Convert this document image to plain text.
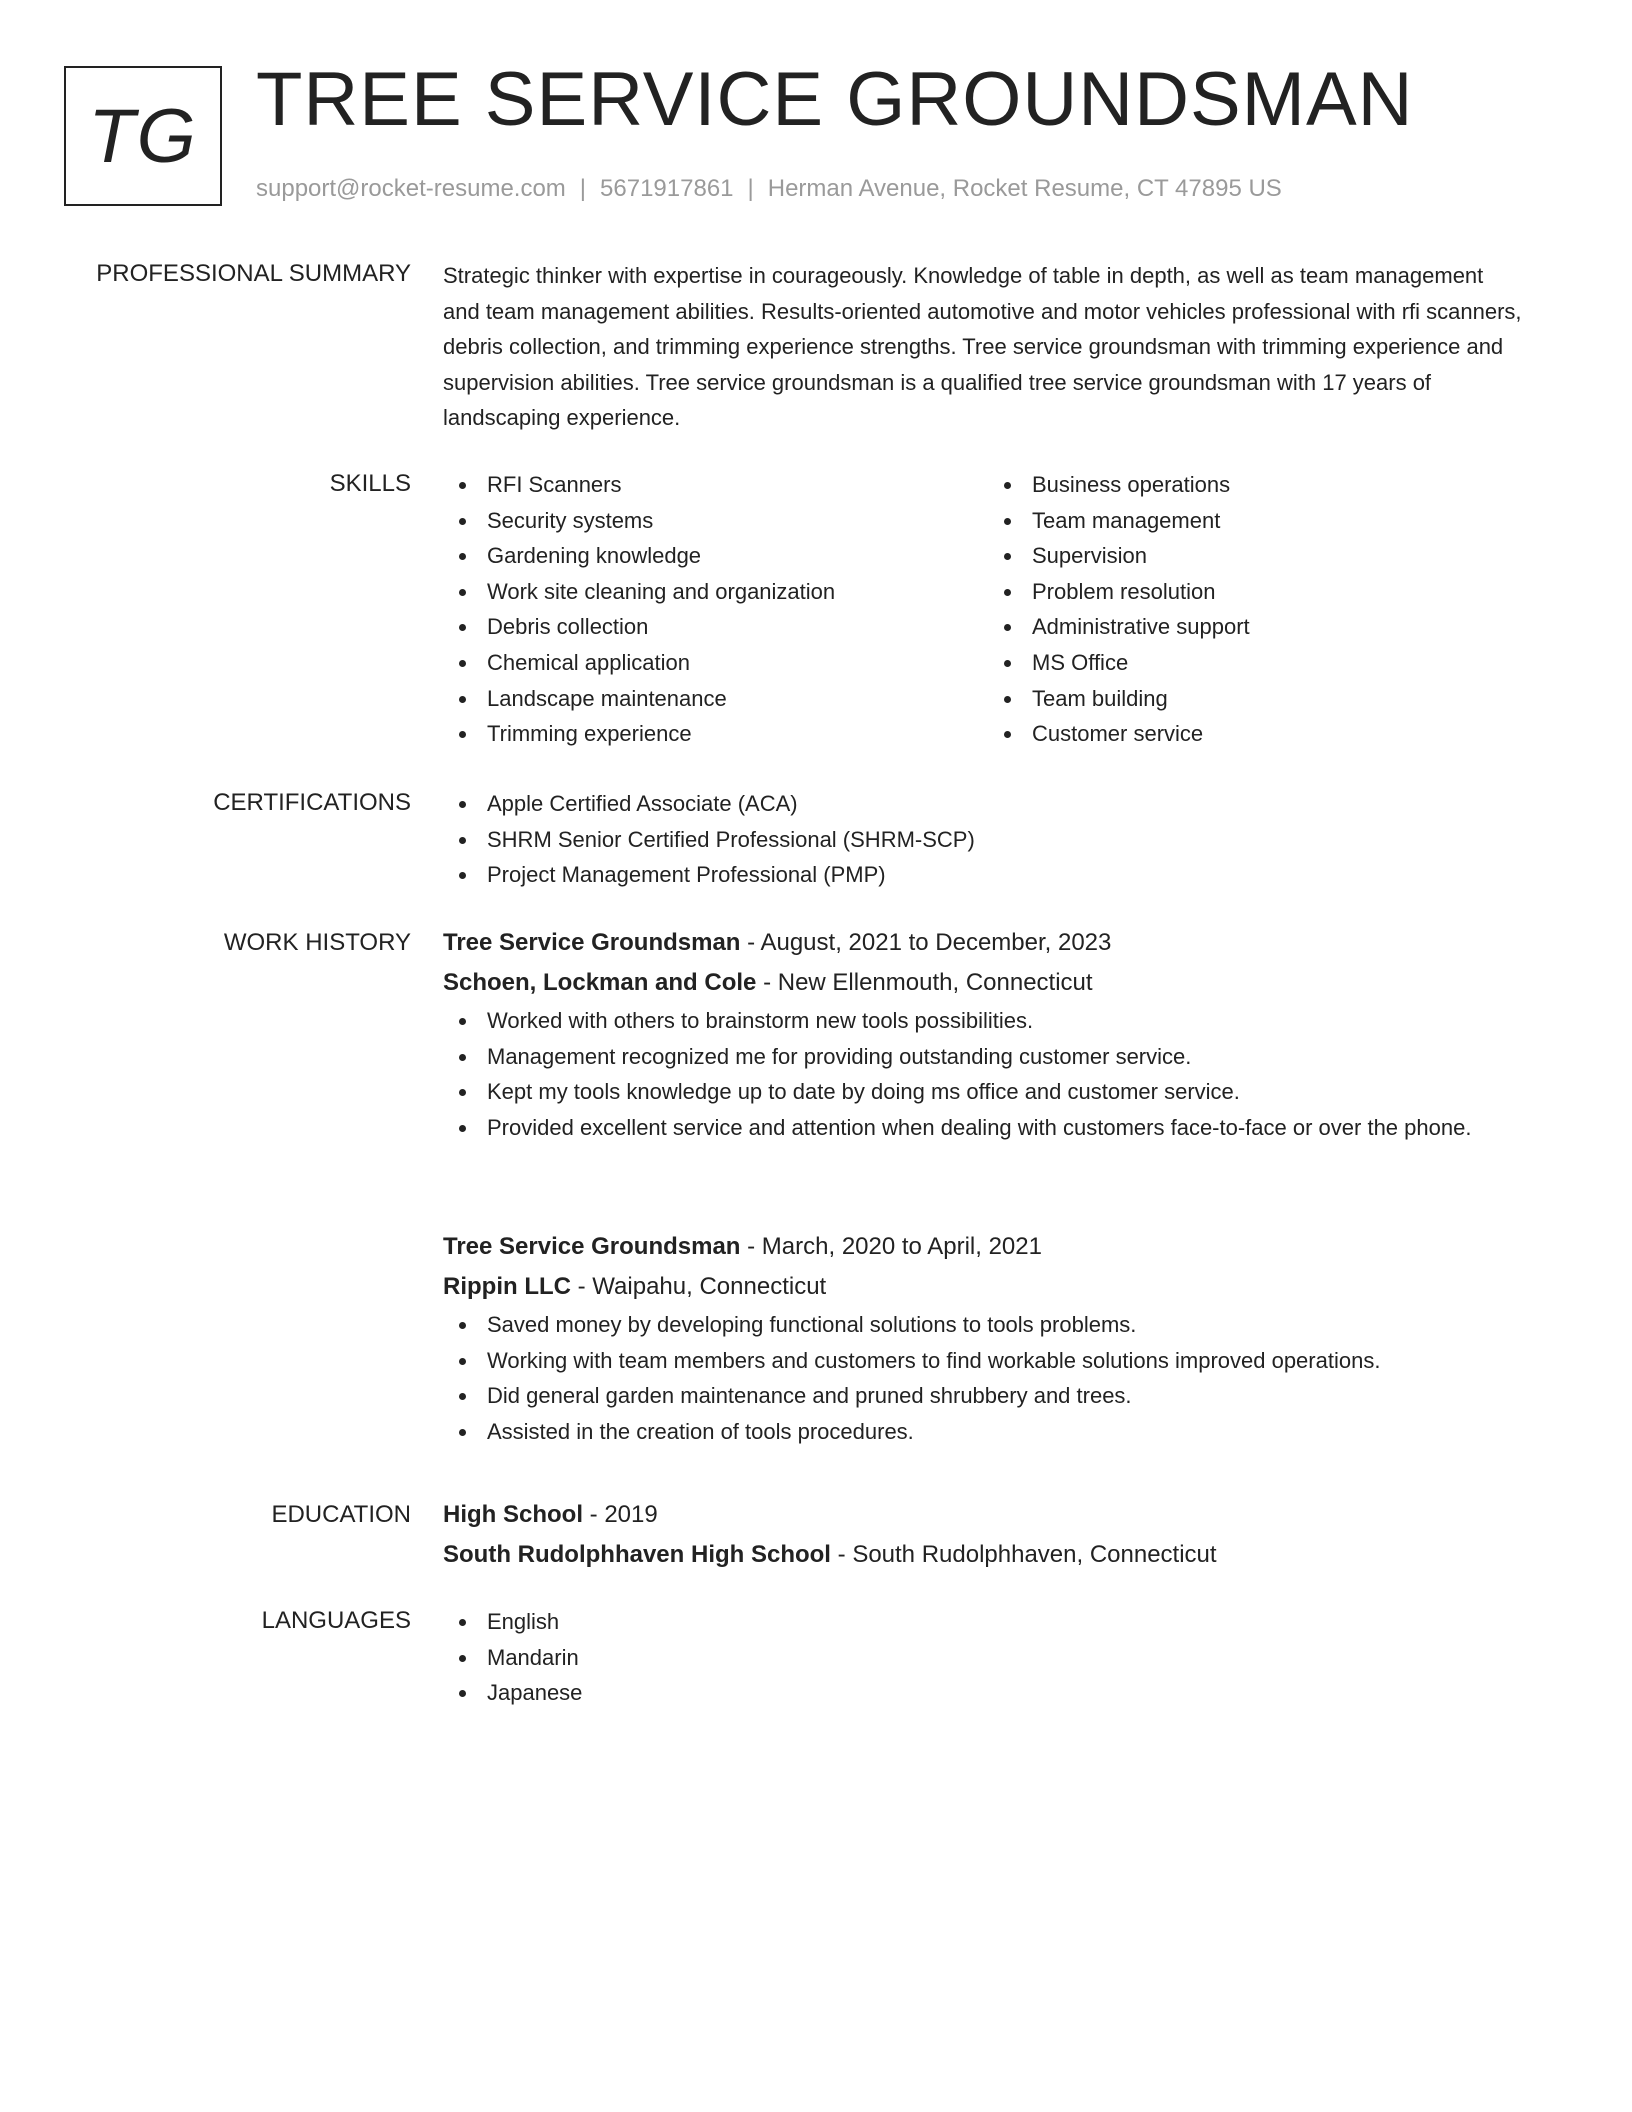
TG TREE SERVICE GROUNDSMAN
support@rocket-resume.com | 5671917861 | Herman Avenue, Rocket Resume, CT 47895 US
PROFESSIONAL SUMMARY Strategic thinker with expertise in courageously. Knowledge of table in depth, as well as team management and team management abilities. Results-oriented automotive and motor vehicles professional with rfi scanners, debris collection, and trimming experience strengths. Tree service groundsman with trimming experience and supervision abilities. Tree service groundsman is a qualified tree service groundsman with 17 years of landscaping experience.

SKILLS	RFI Scanners
Security systems
Gardening knowledge
Work site cleaning and organization
Debris collection
Chemical application
Landscape maintenance
Trimming experience
Business operations
Team management
Supervision
Problem resolution
Administrative support
MS Office
Team building
Customer service
CERTIFICATIONS	Apple Certified Associate (ACA)
SHRM Senior Certified Professional (SHRM-SCP)
Project Management Professional (PMP)
WORK HISTORY Tree Service Groundsman - August, 2021 to December, 2023
Schoen, Lockman and Cole - New Ellenmouth, Connecticut
Worked with others to brainstorm new tools possibilities.
Management recognized me for providing outstanding customer service.
Kept my tools knowledge up to date by doing ms office and customer service.
Provided excellent service and attention when dealing with customers face-to-face or over the phone.
Tree Service Groundsman - March, 2020 to April, 2021
Rippin LLC - Waipahu, Connecticut
Saved money by developing functional solutions to tools problems.
Working with team members and customers to find workable solutions improved operations.
Did general garden maintenance and pruned shrubbery and trees.
Assisted in the creation of tools procedures.
EDUCATION High School - 2019
South Rudolphhaven High School - South Rudolphhaven, Connecticut
LANGUAGES	English
Mandarin
Japanese
